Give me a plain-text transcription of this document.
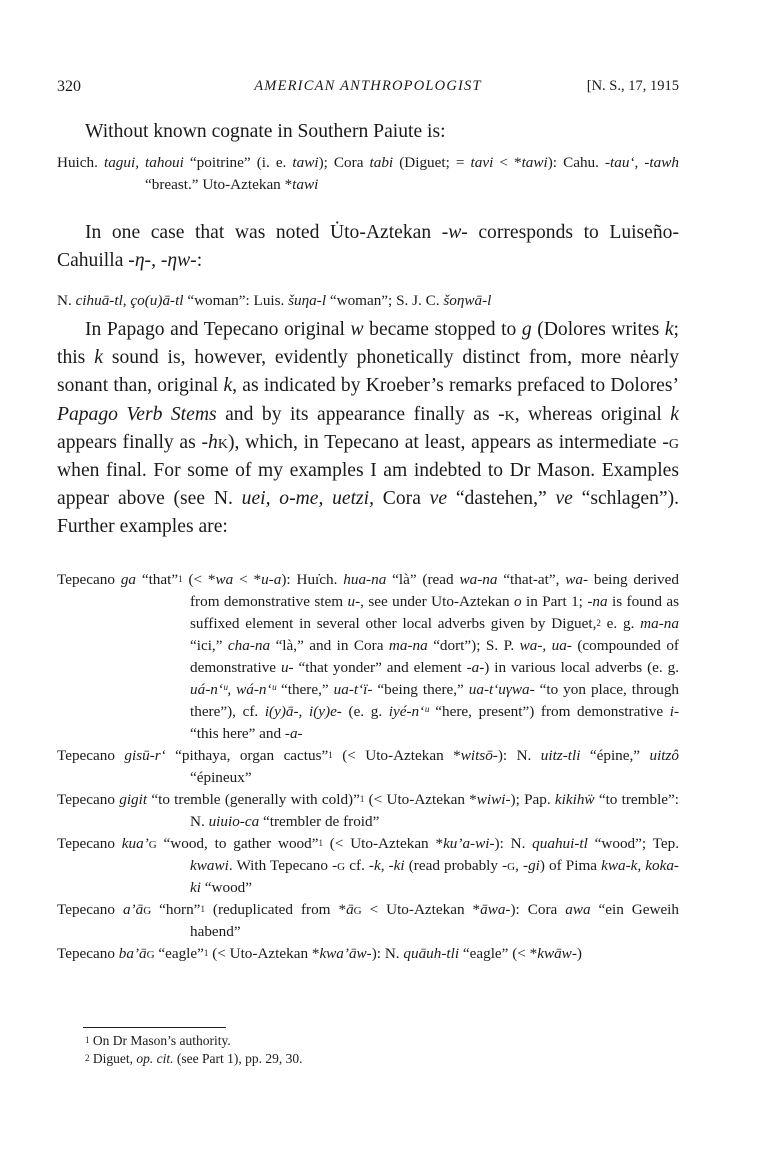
320	AMERICAN ANTHROPOLOGIST	[N. S., 17, 1915

Without known cognate in Southern Paiute is:

Huich. tagui, tahoui “poitrine” (i. e. tawi); Cora tabi (Diguet; = tavi < *tawi): Cahu. -tau‘, -tawh “breast.” Uto-Aztekan *tawi

In one case that was noted U̇to-Aztekan -w- corresponds to Luiseño-Cahuilla -η-, -ηw-:

N. cihuā-tl, ço(u)ā-tl “woman”: Luis. šuηa-l “woman”; S. J. C. šoηwā-l

In Papago and Tepecano original w became stopped to g (Dolores writes k; this k sound is, however, evidently phonetically distinct from, more nėarly sonant than, original k, as indicated by Kroeber’s remarks prefaced to Dolores’ Papago Verb Stems and by its appearance finally as -k, whereas original k appears finally as -hk), which, in Tepecano at least, appears as intermediate -g when final. For some of my examples I am indebted to Dr Mason. Examples appear above (see N. uei, o-me, uetzi, Cora ve “dastehen,” ve “schlagen”). Further examples are:

Tepecano ga “that”$^1$ (< *wa < *u-a): Huı̇ch. hua-na “là” (read wa-na “that-at”, wa- being derived from demonstrative stem u-, see under Uto-Aztekan o in Part 1; -na is found as suffixed element in several other local adverbs given by Diguet,$^2$ e. g. ma-na “ici,” cha-na “là,” and in Cora ma-na “dort”); S. P. wa-, ua- (compounded of demonstrative u- “that yonder” and element -a-) in various local adverbs (e. g. uá-n‘ᵘ, wá-n‘ᵘ “there,” ua-t‘ï- “being there,” ua-t‘uγwa- “to yon place, through there”), cf. i(y)ā-, i(y)e- (e. g. iyé-n‘ᵘ “here, present”) from demonstrative i- “this here” and -a-

Tepecano gisū-r‘ “pithaya, organ cactus”$^1$ (< Uto-Aztekan *witsō-): N. uitz-tli “épine,” uitzô “épineux”

Tepecano gigit “to tremble (generally with cold)”$^1$ (< Uto-Aztekan *wiwi-); Pap. kikihẅ “to tremble”: N. uiuio-ca “trembler de froid”

Tepecano kua’g “wood, to gather wood”$^1$ (< Uto-Aztekan *ku’a-wi-): N. quahui-tl “wood”; Tep. kwawi. With Tepecano -g cf. -k, -ki (read probably -g, -gi) of Pima kwa-k, koka-ki “wood”

Tepecano a’āg “horn”$^1$ (reduplicated from *āg < Uto-Aztekan *āwa-): Cora awa “ein Geweih habend”

Tepecano ba’āg “eagle”$^1$ (< Uto-Aztekan *kwa’āw-): N. quāuh-tli “eagle” (< *kwāw-)

$^1$ On Dr Mason’s authority.

$^2$ Diguet, op. cit. (see Part 1), pp. 29, 30.
